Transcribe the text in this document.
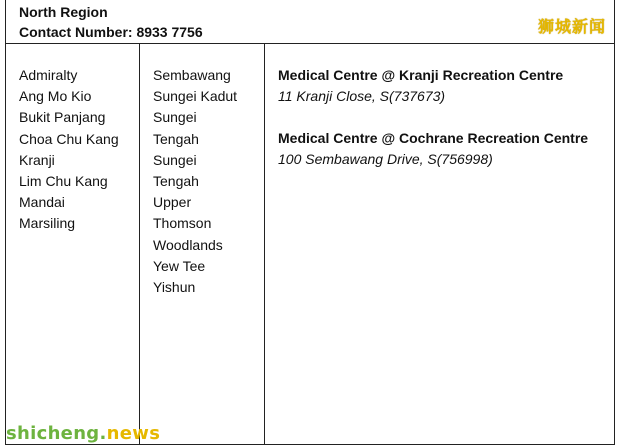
North Region
Contact Number: 8933 7756
Admiralty
Ang Mo Kio
Bukit Panjang
Choa Chu Kang
Kranji
Lim Chu Kang
Mandai
Marsiling
Sembawang
Sungei Kadut
Sungei
Tengah
Sungei
Tengah
Upper
Thomson
Woodlands
Yew Tee
Yishun

Medical Centre @ Kranji Recreation Centre
11 Kranji Close, S(737673)

Medical Centre @ Cochrane Recreation Centre
100 Sembawang Drive, S(756998)

狮城新闻
shicheng.news
